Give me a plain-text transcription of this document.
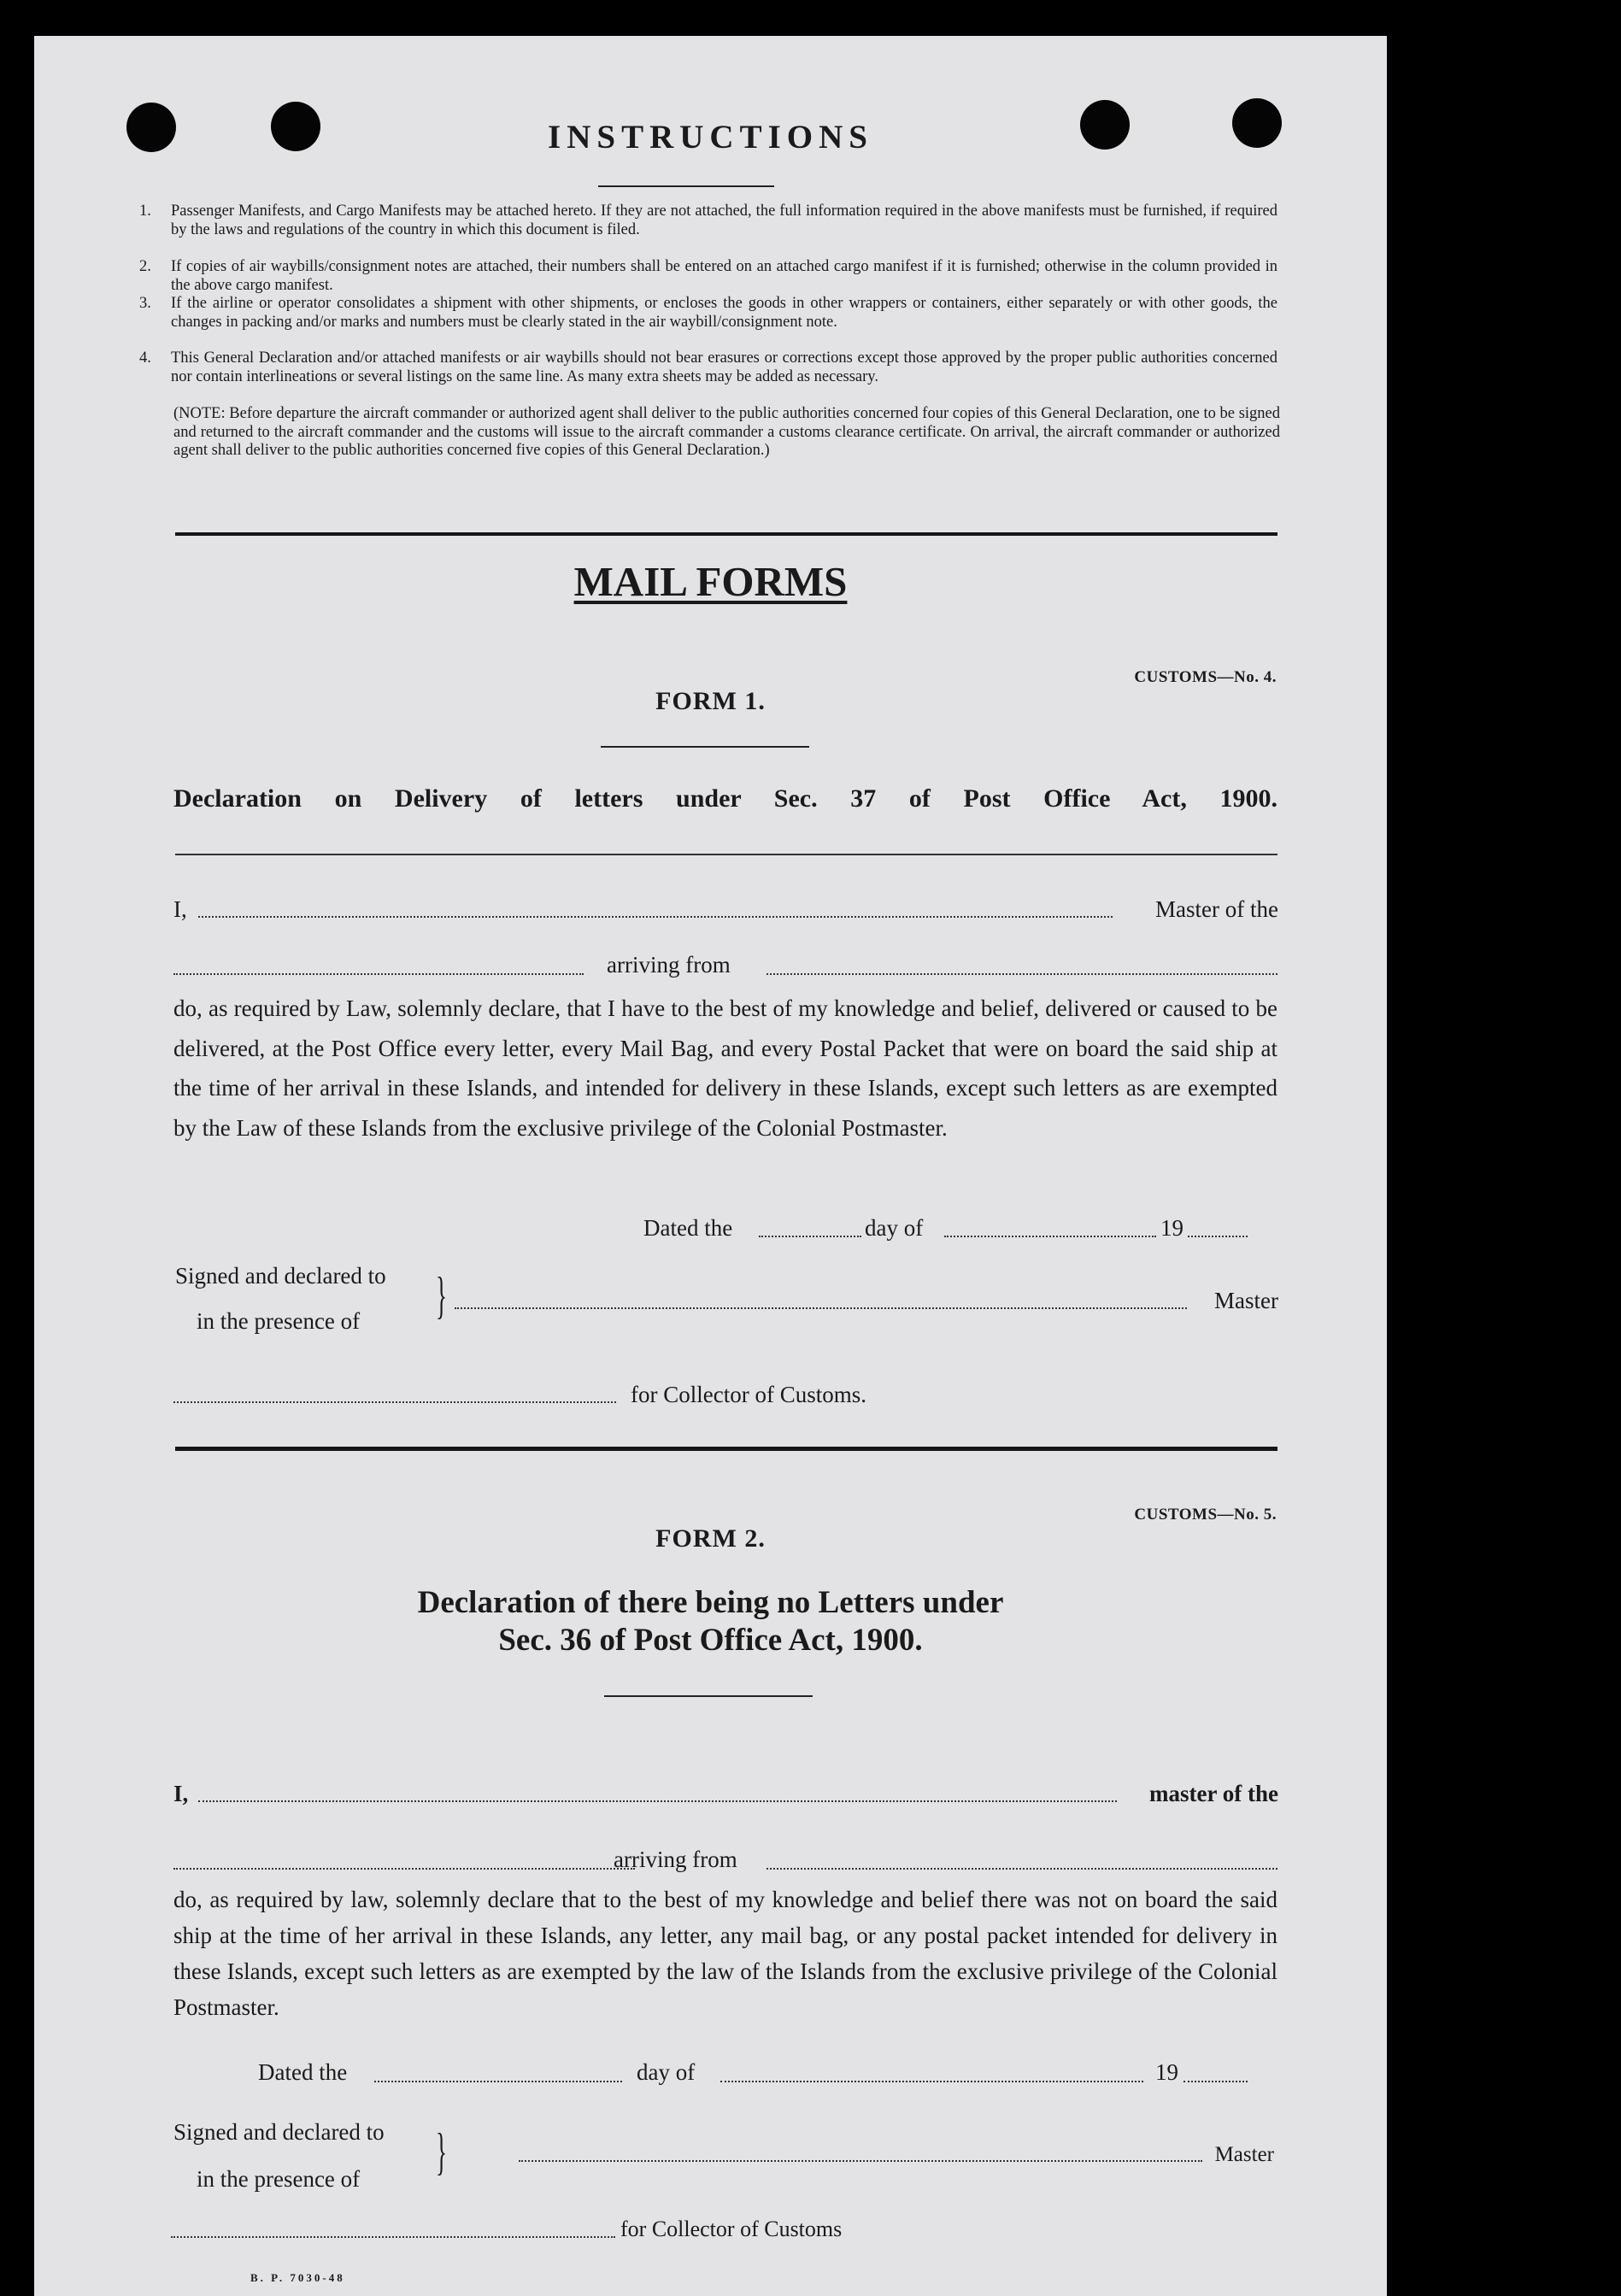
INSTRUCTIONS
1. Passenger Manifests, and Cargo Manifests may be attached hereto. If they are not attached, the full information required in the above manifests must be furnished, if required by the laws and regulations of the country in which this document is filed.
2. If copies of air waybills/consignment notes are attached, their numbers shall be entered on an attached cargo manifest if it is furnished; otherwise in the column provided in the above cargo manifest.
3. If the airline or operator consolidates a shipment with other shipments, or encloses the goods in other wrappers or containers, either separately or with other goods, the changes in packing and/or marks and numbers must be clearly stated in the air waybill/consignment note.
4. This General Declaration and/or attached manifests or air waybills should not bear erasures or corrections except those approved by the proper public authorities concerned nor contain interlineations or several listings on the same line. As many extra sheets may be added as necessary.
(NOTE: Before departure the aircraft commander or authorized agent shall deliver to the public authorities concerned four copies of this General Declaration, one to be signed and returned to the aircraft commander and the customs will issue to the aircraft commander a customs clearance certificate. On arrival, the aircraft commander or authorized agent shall deliver to the public authorities concerned five copies of this General Declaration.)
MAIL FORMS
CUSTOMS—No. 4.
FORM 1.
Declaration on Delivery of letters under Sec. 37 of Post Office Act, 1900.
I,	Master of the
arriving from
do, as required by Law, solemnly declare, that I have to the best of my knowledge and belief, delivered or caused to be delivered, at the Post Office every letter, every Mail Bag, and every Postal Packet that were on board the said ship at the time of her arrival in these Islands, and intended for delivery in these Islands, except such letters as are exempted by the Law of these Islands from the exclusive privilege of the Colonial Postmaster.
Dated the	day of	19
Signed and declared to
in the presence of }	Master
for Collector of Customs.
CUSTOMS—No. 5.
FORM 2.
Declaration of there being no Letters under
Sec. 36 of Post Office Act, 1900.
I,	master of the
arriving from
do, as required by law, solemnly declare that to the best of my knowledge and belief there was not on board the said ship at the time of her arrival in these Islands, any letter, any mail bag, or any postal packet intended for delivery in these Islands, except such letters as are exempted by the law of the Islands from the exclusive privilege of the Colonial Postmaster.
Dated the	day of	19
Signed and declared to
in the presence of }	Master
for Collector of Customs
B. P. 7030-48
